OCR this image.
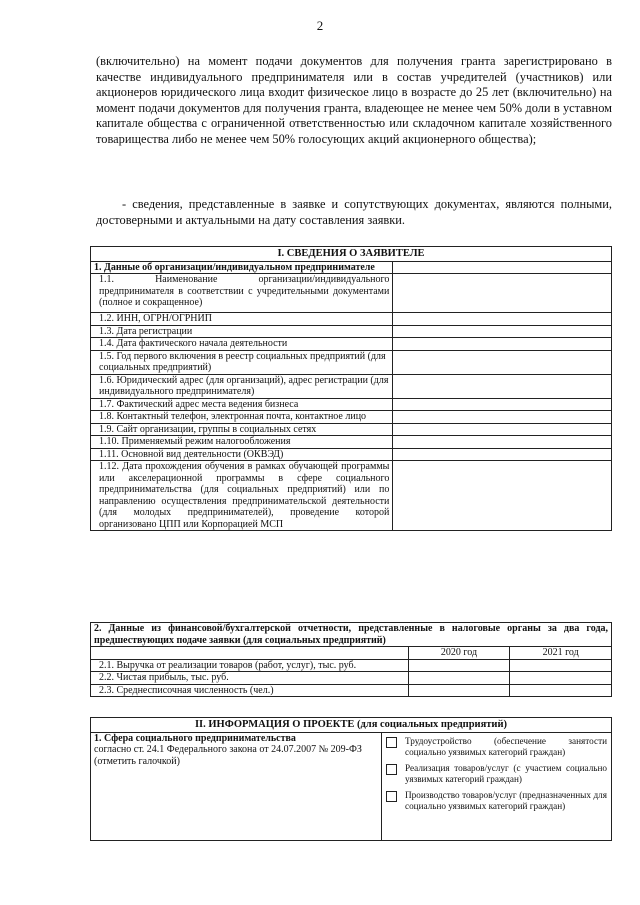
2
(включительно) на момент подачи документов для получения гранта зарегистрировано в качестве индивидуального предпринимателя или в состав учредителей (участников) или акционеров юридического лица входит физическое лицо в возрасте до 25 лет (включительно) на момент подачи документов для получения гранта, владеющее не менее чем 50% доли в уставном капитале общества с ограниченной ответственностью или складочном капитале хозяйственного товарищества либо не менее чем 50% голосующих акций акционерного общества);
- сведения, представленные в заявке и сопутствующих документах, являются полными, достоверными и актуальными на дату составления заявки.
I. СВЕДЕНИЯ О ЗАЯВИТЕЛЕ	
1. Данные об организации/индивидуальном предпринимателе	
1.1. Наименование организации/индивидуального предпринимателя в соответствии с учредительными документами (полное и сокращенное)	
1.2. ИНН, ОГРН/ОГРНИП	
1.3. Дата регистрации	
1.4. Дата фактического начала деятельности	
1.5. Год первого включения в реестр социальных предприятий (для социальных предприятий)	
1.6. Юридический адрес (для организаций), адрес регистрации (для индивидуального предпринимателя)	
1.7. Фактический адрес места ведения бизнеса	
1.8. Контактный телефон, электронная почта, контактное лицо	
1.9. Сайт организации, группы в социальных сетях	
1.10. Применяемый режим налогообложения	
1.11. Основной вид деятельности (ОКВЭД)	
1.12. Дата прохождения обучения в рамках обучающей программы или акселерационной программы в сфере социального предпринимательства (для социальных предприятий) или по направлению осуществления предпринимательской деятельности (для молодых предпринимателей), проведение которой организовано ЦПП или Корпорацией МСП	
2. Данные из финансовой/бухгалтерской отчетности, представленные в налоговые органы за два года, предшествующих подаче заявки (для социальных предприятий)		
	2020 год	2021 год
2.1. Выручка от реализации товаров (работ, услуг), тыс. руб.		
2.2. Чистая прибыль, тыс. руб.		
2.3. Среднесписочная численность (чел.)		
II. ИНФОРМАЦИЯ О ПРОЕКТЕ (для социальных предприятий)

1. Сфера социального предпринимательства
согласно ст. 24.1 Федерального закона от 24.07.2007 № 209-ФЗ (отметить галочкой)

Трудоустройство (обеспечение занятости социально уязвимых категорий граждан)
Реализация товаров/услуг (с участием социально уязвимых категорий граждан)
Производство товаров/услуг (предназначенных для социально уязвимых категорий граждан)
